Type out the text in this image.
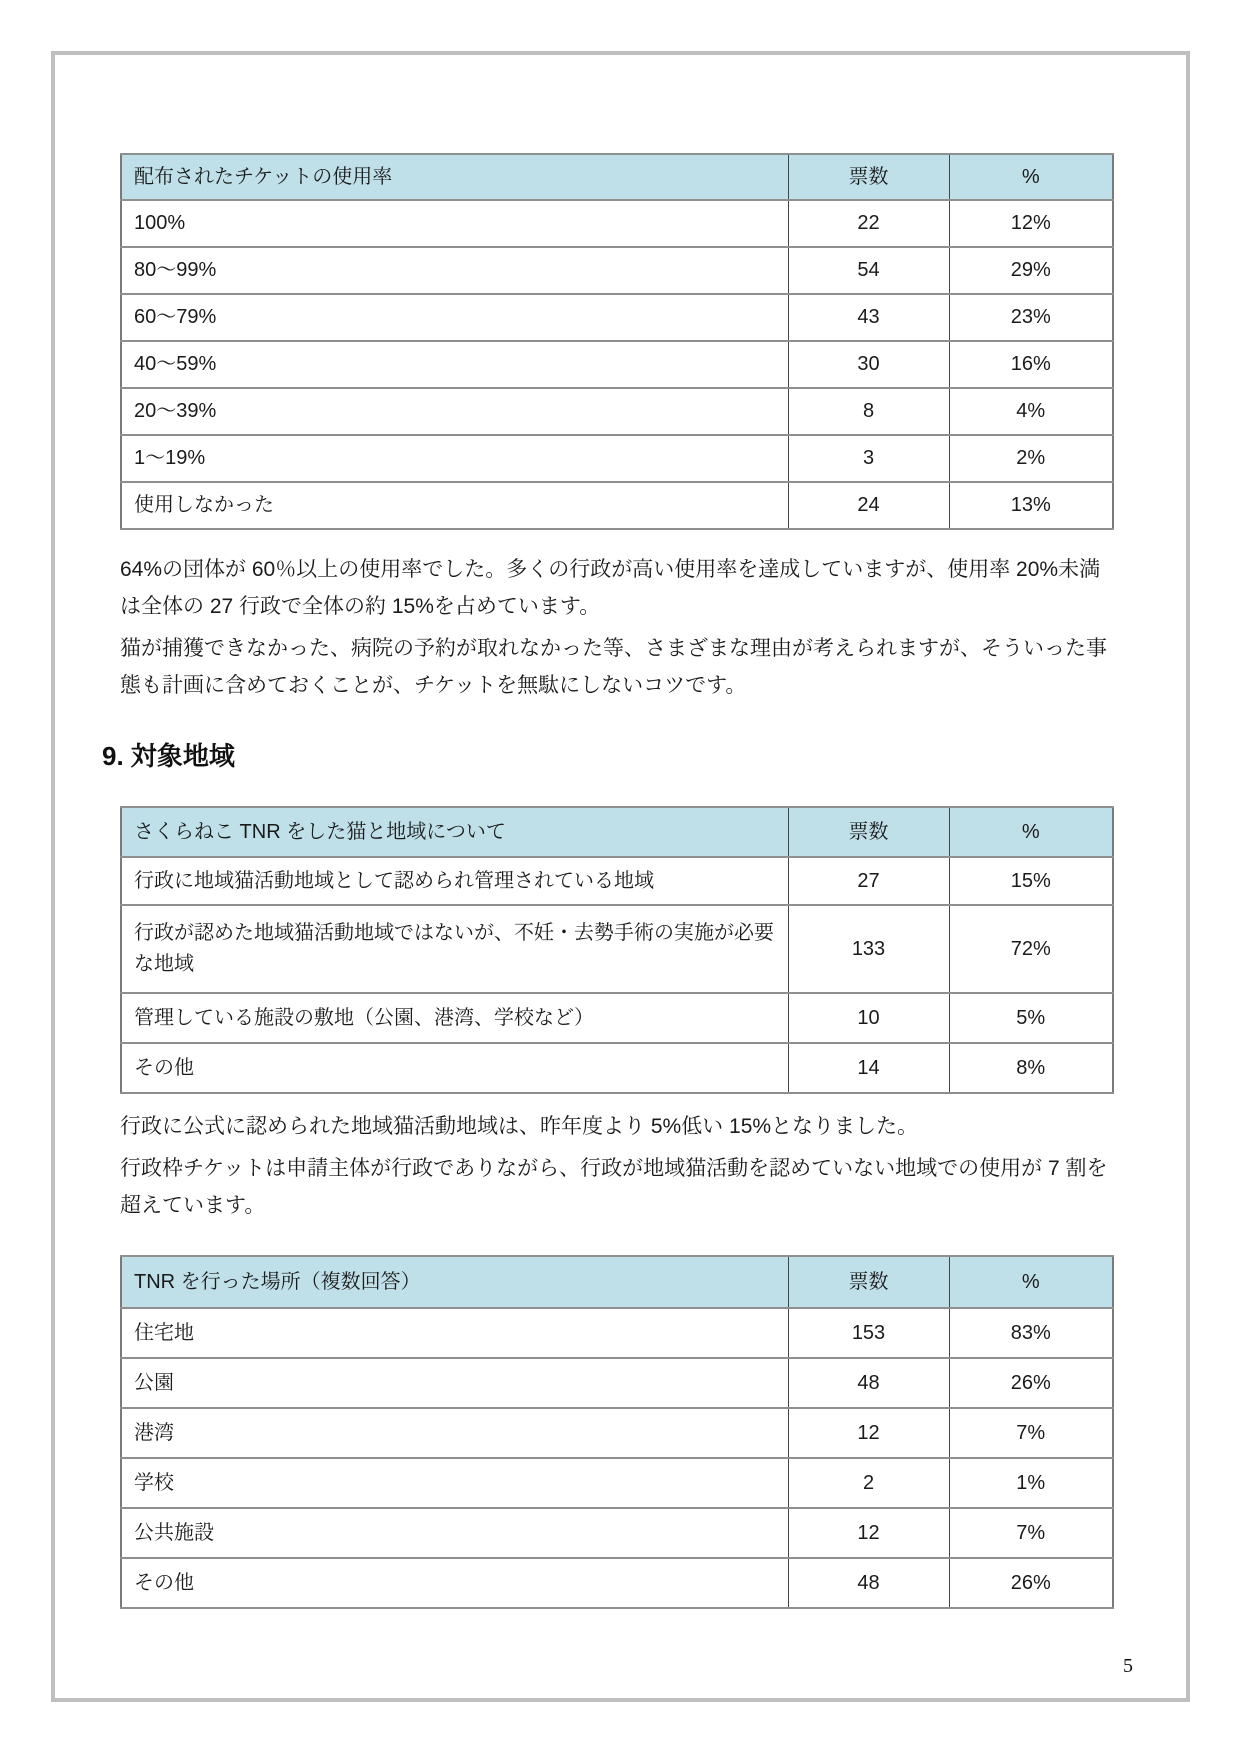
配布されたチケットの使用率	票数	%
100%	22	12%
80～99%	54	29%
60～79%	43	23%
40～59%	30	16%
20～39%	8	4%
1～19%	3	2%
使用しなかった	24	13%

64%の団体が 60％以上の使用率でした。多くの行政が高い使用率を達成していますが、使用率 20%未満は全体の 27 行政で全体の約 15%を占めています。

猫が捕獲できなかった、病院の予約が取れなかった等、さまざまな理由が考えられますが、そういった事態も計画に含めておくことが、チケットを無駄にしないコツです。

9. 対象地域
さくらねこ TNR をした猫と地域について	票数	%
行政に地域猫活動地域として認められ管理されている地域	27	15%
行政が認めた地域猫活動地域ではないが、不妊・去勢手術の実施が必要な地域	133	72%
管理している施設の敷地（公園、港湾、学校など）	10	5%
その他	14	8%

行政に公式に認められた地域猫活動地域は、昨年度より 5%低い 15%となりました。

行政枠チケットは申請主体が行政でありながら、行政が地域猫活動を認めていない地域での使用が 7 割を超えています。

TNR を行った場所（複数回答）	票数	%
住宅地	153	83%
公園	48	26%
港湾	12	7%
学校	2	1%
公共施設	12	7%
その他	48	26%
5
